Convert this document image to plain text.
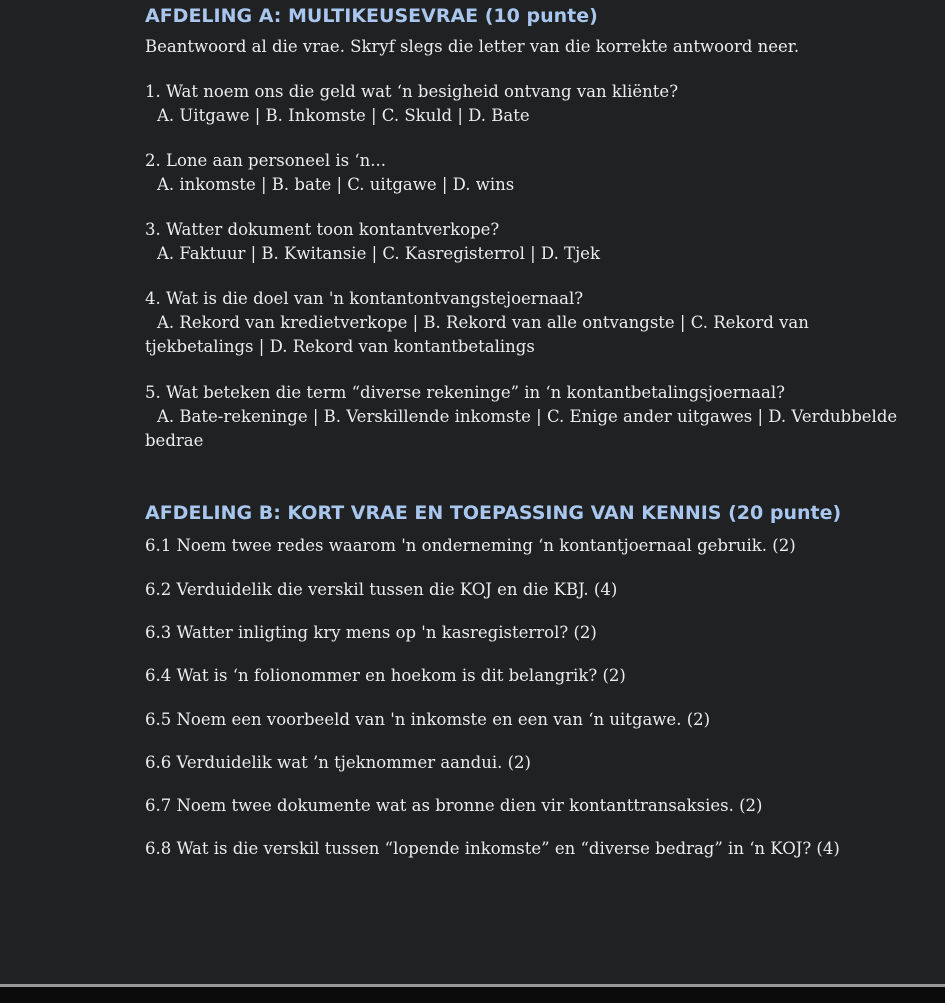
AFDELING A: MULTIKEUSEVRAE (10 punte)

Beantwoord al die vrae. Skryf slegs die letter van die korrekte antwoord neer.

1. Wat noem ons die geld wat ‘n besigheid ontvang van kliënte?

A. Uitgawe | B. Inkomste | C. Skuld | D. Bate

2. Lone aan personeel is ‘n...

A. inkomste | B. bate | C. uitgawe | D. wins

3. Watter dokument toon kontantverkope?

A. Faktuur | B. Kwitansie | C. Kasregisterrol | D. Tjek

4. Wat is die doel van 'n kontantontvangstejoernaal?

A. Rekord van kredietverkope | B. Rekord van alle ontvangste | C. Rekord van tjekbetalings | D. Rekord van kontantbetalings

5. Wat beteken die term “diverse rekeninge” in ‘n kontantbetalingsjoernaal?

A. Bate-rekeninge | B. Verskillende inkomste | C. Enige ander uitgawes | D. Verdubbelde bedrae

AFDELING B: KORT VRAE EN TOEPASSING VAN KENNIS (20 punte)

6.1 Noem twee redes waarom 'n onderneming ‘n kontantjoernaal gebruik. (2)

6.2 Verduidelik die verskil tussen die KOJ en die KBJ. (4)

6.3 Watter inligting kry mens op 'n kasregisterrol? (2)

6.4 Wat is ‘n folionommer en hoekom is dit belangrik? (2)

6.5 Noem een voorbeeld van 'n inkomste en een van ‘n uitgawe. (2)

6.6 Verduidelik wat ’n tjeknommer aandui. (2)

6.7 Noem twee dokumente wat as bronne dien vir kontanttransaksies. (2)

6.8 Wat is die verskil tussen “lopende inkomste” en “diverse bedrag” in ‘n KOJ? (4)
